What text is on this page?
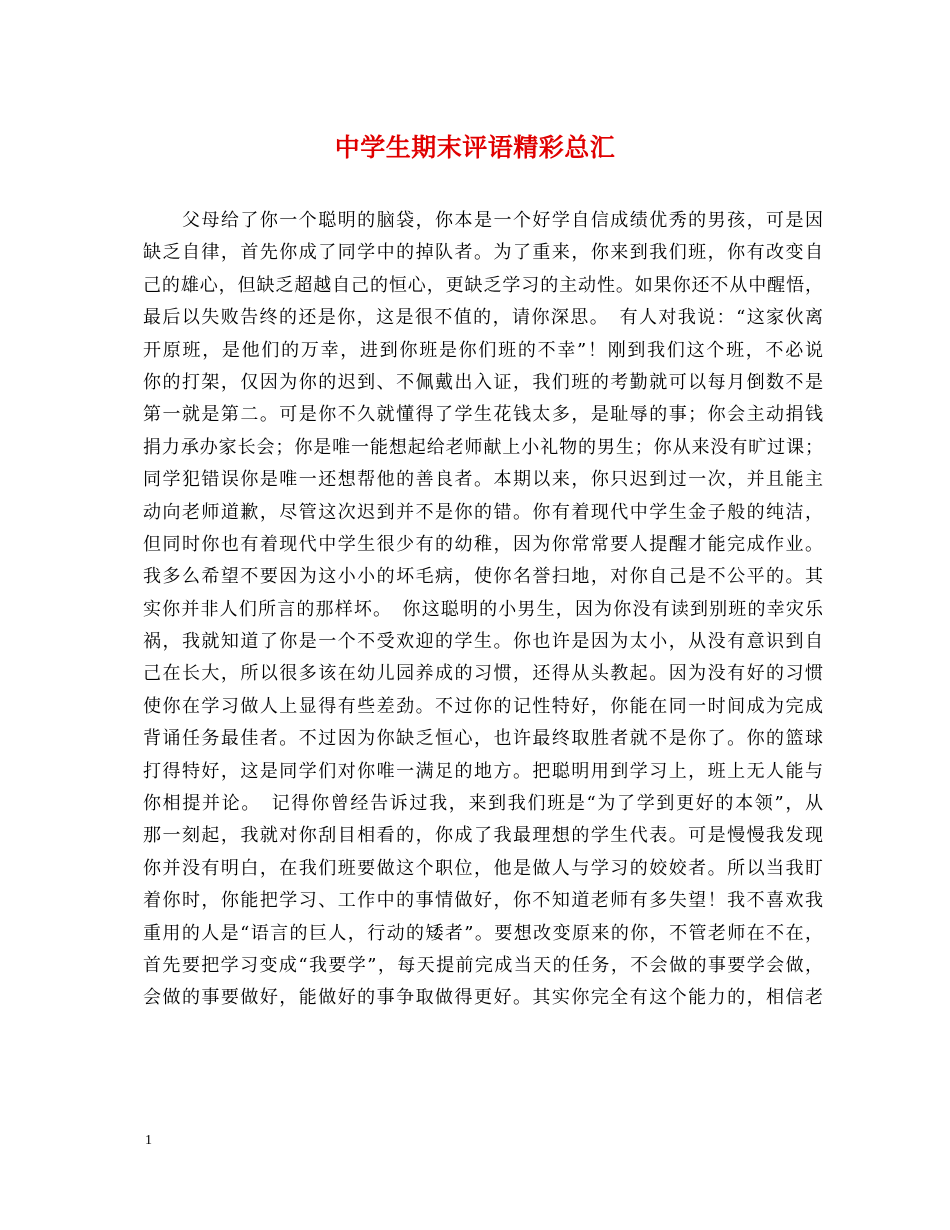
中学生期末评语精彩总汇
　　父母给了你一个聪明的脑袋，你本是一个好学自信成绩优秀的男孩，可是因
缺乏自律，首先你成了同学中的掉队者。为了重来，你来到我们班，你有改变自
己的雄心，但缺乏超越自己的恒心，更缺乏学习的主动性。如果你还不从中醒悟，
最后以失败告终的还是你，这是很不值的，请你深思。　有人对我说：“这家伙离
开原班，是他们的万幸，进到你班是你们班的不幸”！刚到我们这个班，不必说
你的打架，仅因为你的迟到、不佩戴出入证，我们班的考勤就可以每月倒数不是
第一就是第二。可是你不久就懂得了学生花钱太多，是耻辱的事；你会主动捐钱
捐力承办家长会；你是唯一能想起给老师献上小礼物的男生；你从来没有旷过课；
同学犯错误你是唯一还想帮他的善良者。本期以来，你只迟到过一次，并且能主
动向老师道歉，尽管这次迟到并不是你的错。你有着现代中学生金子般的纯洁，
但同时你也有着现代中学生很少有的幼稚，因为你常常要人提醒才能完成作业。
我多么希望不要因为这小小的坏毛病，使你名誉扫地，对你自己是不公平的。其
实你并非人们所言的那样坏。　你这聪明的小男生，因为你没有读到别班的幸灾乐
祸，我就知道了你是一个不受欢迎的学生。你也许是因为太小，从没有意识到自
己在长大，所以很多该在幼儿园养成的习惯，还得从头教起。因为没有好的习惯
使你在学习做人上显得有些差劲。不过你的记性特好，你能在同一时间成为完成
背诵任务最佳者。不过因为你缺乏恒心，也许最终取胜者就不是你了。你的篮球
打得特好，这是同学们对你唯一满足的地方。把聪明用到学习上，班上无人能与
你相提并论。　记得你曾经告诉过我，来到我们班是“为了学到更好的本领”，从
那一刻起，我就对你刮目相看的，你成了我最理想的学生代表。可是慢慢我发现
你并没有明白，在我们班要做这个职位，他是做人与学习的姣姣者。所以当我盯
着你时，你能把学习、工作中的事情做好，你不知道老师有多失望！我不喜欢我
重用的人是“语言的巨人，行动的矮者”。要想改变原来的你，不管老师在不在，
首先要把学习变成“我要学”，每天提前完成当天的任务，不会做的事要学会做，
会做的事要做好，能做好的事争取做得更好。其实你完全有这个能力的，相信老
1
